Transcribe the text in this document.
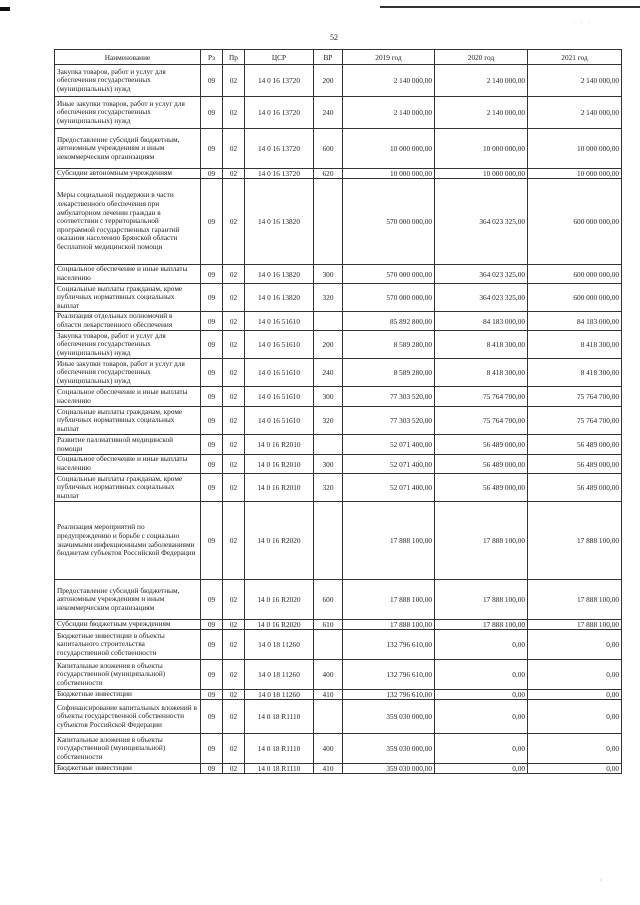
· · ·
52
Наименование	Рз	Пр	ЦСР	ВР	2019 год	2020 год	2021 год
Закупка товаров, работ и услуг для обеспечения государственных (муниципальных) нужд	09	02	14 0 16 13720	200	2 140 000,00	2 140 000,00	2 140 000,00
Иные закупки товаров, работ и услуг для обеспечения государственных (муниципальных) нужд	09	02	14 0 16 13720	240	2 140 000,00	2 140 000,00	2 140 000,00
Предоставление субсидий бюджетным, автономным учреждениям и иным некоммерческим организациям	09	02	14 0 16 13720	600	10 000 000,00	10 000 000,00	10 000 000,00
Субсидии автономным учреждениям	09	02	14 0 16 13720	620	10 000 000,00	10 000 000,00	10 000 000,00
Меры социальной поддержки в части лекарственного обеспечения при амбулаторном лечении граждан в соответствии с территориальной программой государственных гарантий оказания населению Брянской области бесплатной медицинской помощи	09	02	14 0 16 13820		570 000 000,00	364 023 325,00	600 000 000,00
Социальное обеспечение и иные выплаты населению	09	02	14 0 16 13820	300	570 000 000,00	364 023 325,00	600 000 000,00
Социальные выплаты гражданам, кроме публичных нормативных социальных выплат	09	02	14 0 16 13820	320	570 000 000,00	364 023 325,00	600 000 000,00
Реализация отдельных полномочий в области лекарственного обеспечения	09	02	14 0 16 51610		85 892 800,00	84 183 000,00	84 183 000,00
Закупка товаров, работ и услуг для обеспечения государственных (муниципальных) нужд	09	02	14 0 16 51610	200	8 589 280,00	8 418 300,00	8 418 300,00
Иные закупки товаров, работ и услуг для обеспечения государственных (муниципальных) нужд	09	02	14 0 16 51610	240	8 589 280,00	8 418 300,00	8 418 300,00
Социальное обеспечение и иные выплаты населению	09	02	14 0 16 51610	300	77 303 520,00	75 764 700,00	75 764 700,00
Социальные выплаты гражданам, кроме публичных нормативных социальных выплат	09	02	14 0 16 51610	320	77 303 520,00	75 764 700,00	75 764 700,00
Развитие паллиативной медицинской помощи	09	02	14 0 16 R2010		52 071 400,00	56 489 000,00	56 489 000,00
Социальное обеспечение и иные выплаты населению	09	02	14 0 16 R2010	300	52 071 400,00	56 489 000,00	56 489 000,00
Социальные выплаты гражданам, кроме публичных нормативных социальных выплат	09	02	14 0 16 R2010	320	52 071 400,00	56 489 000,00	56 489 000,00
Реализация мероприятий по предупреждению и борьбе с социально значимыми инфекционными заболеваниями бюджетам субъектов Российской Федерации	09	02	14 0 16 R2020		17 888 100,00	17 888 100,00	17 888 100,00
Предоставление субсидий бюджетным, автономным учреждениям и иным некоммерческим организациям	09	02	14 0 16 R2020	600	17 888 100,00	17 888 100,00	17 888 100,00
Субсидии бюджетным учреждениям	09	02	14 0 16 R2020	610	17 888 100,00	17 888 100,00	17 888 100,00
Бюджетные инвестиции в объекты капитального строительства государственной собственности	09	02	14 0 18 11260		132 796 610,00	0,00	0,00
Капитальные вложения в объекты государственной (муниципальной) собственности	09	02	14 0 18 11260	400	132 796 610,00	0,00	0,00
Бюджетные инвестиции	09	02	14 0 18 11260	410	132 796 610,00	0,00	0,00
Софинансирование капитальных вложений в объекты государственной собственности субъектов Российской Федерации	09	02	14 0 18 R1110		359 030 000,00	0,00	0,00
Капитальные вложения в объекты государственной (муниципальной) собственности	09	02	14 0 18 R1110	400	359 030 000,00	0,00	0,00
Бюджетные инвестиции	09	02	14 0 18 R1110	410	359 030 000,00	0,00	0,00
·
